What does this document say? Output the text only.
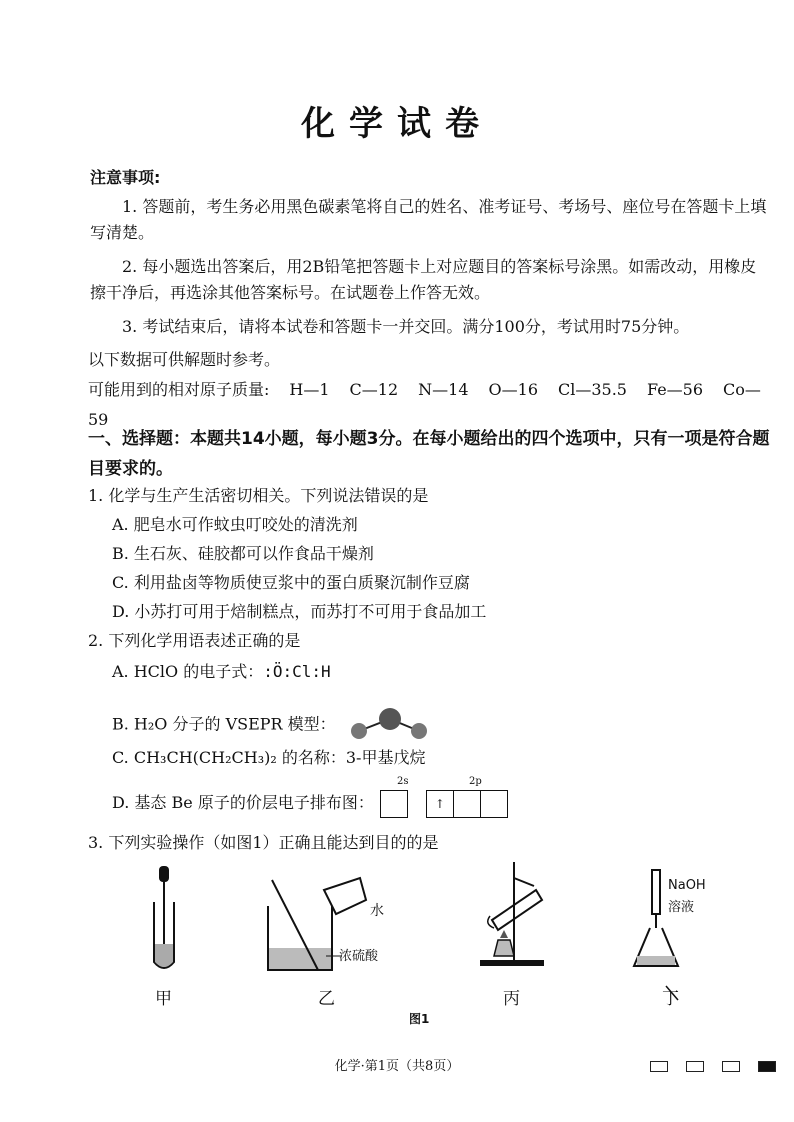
化学试卷
注意事项:

1. 答题前，考生务必用黑色碳素笔将自己的姓名、准考证号、考场号、座位号在答题卡上填写清楚。

2. 每小题选出答案后，用2B铅笔把答题卡上对应题目的答案标号涂黑。如需改动，用橡皮擦干净后，再选涂其他答案标号。在试题卷上作答无效。

3. 考试结束后，请将本试卷和答题卡一并交回。满分100分，考试用时75分钟。

以下数据可供解题时参考。
可能用到的相对原子质量: H—1 C—12 N—14 O—16 Cl—35.5 Fe—56 Co—59
一、选择题：本题共14小题，每小题3分。在每小题给出的四个选项中，只有一项是符合题目要求的。
1. 化学与生产生活密切相关。下列说法错误的是
A. 肥皂水可作蚊虫叮咬处的清洗剂
B. 生石灰、硅胶都可以作食品干燥剂
C. 利用盐卤等物质使豆浆中的蛋白质聚沉制作豆腐
D. 小苏打可用于焙制糕点，而苏打不可用于食品加工
2. 下列化学用语表述正确的是
A. HClO 的电子式：:Ö:Cl:H
B. H₂O 分子的 VSEPR 模型：
C. CH₃CH(CH₂CH₃)₂ 的名称：3-甲基戊烷
2s	2p
D. 基态 Be 原子的价层电子排布图：	↑
3. 下列实验操作（如图1）正确且能达到目的的是
甲
水
浓硫酸
乙	丙
NaOH
溶液
丁
图1
化学·第1页（共8页）
